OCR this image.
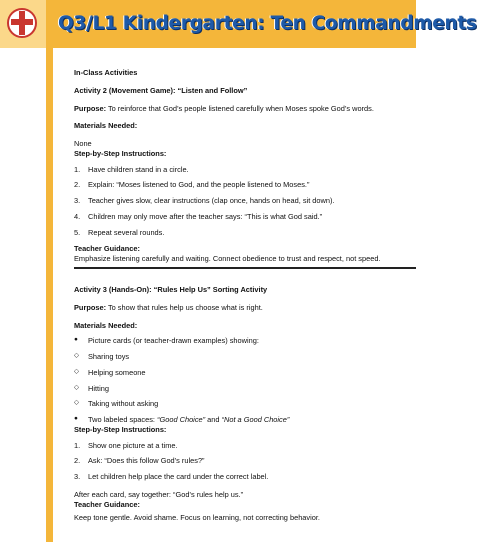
Q3/L1 Kindergarten: Ten Commandments

In-Class Activities

Activity 2 (Movement Game): “Listen and Follow”

Purpose: To reinforce that God’s people listened carefully when Moses spoke God’s words.

Materials Needed:

None

Step-by-Step Instructions:

1.	Have children stand in a circle.
2.	Explain: “Moses listened to God, and the people listened to Moses.”
3.	Teacher gives slow, clear instructions (clap once, hands on head, sit down).
4.	Children may only move after the teacher says: “This is what God said.”
5.	Repeat several rounds.

Teacher Guidance:

Emphasize listening carefully and waiting. Connect obedience to trust and respect, not speed.

Activity 3 (Hands-On): “Rules Help Us” Sorting Activity

Purpose: To show that rules help us choose what is right.

Materials Needed:

●	Picture cards (or teacher-drawn examples) showing:
◇	Sharing toys
◇	Helping someone
◇	Hitting
◇	Taking without asking
●	Two labeled spaces: “Good Choice” and “Not a Good Choice”

Step-by-Step Instructions:

1.	Show one picture at a time.
2.	Ask: “Does this follow God’s rules?”
3.	Let children help place the card under the correct label.

After each card, say together: “God’s rules help us.”

Teacher Guidance:

Keep tone gentle. Avoid shame. Focus on learning, not correcting behavior.
